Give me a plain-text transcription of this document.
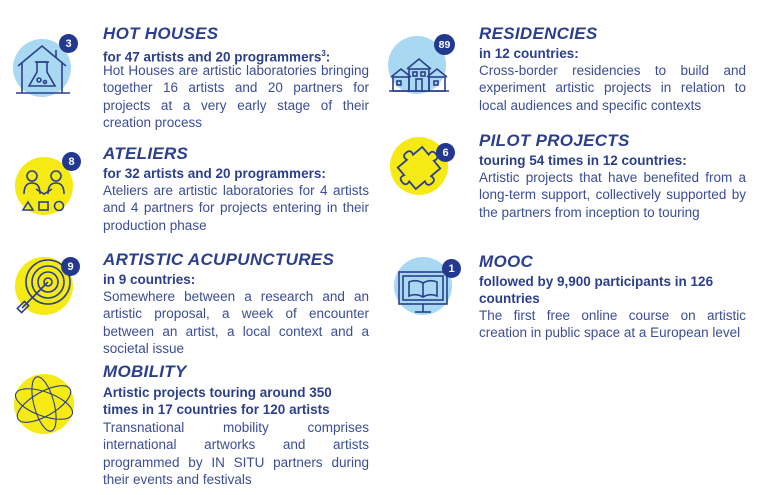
3
HOT HOUSES
for 47 artists and 20 programmers$^3$:
Hot Houses are artistic laboratories bringing together 16 artists and 20 partners for projects at a very early stage of their creation process
89
RESIDENCIES
in 12 countries:
Cross-border residencies to build and experiment artistic projects in relation to local audiences and specific contexts
8	ATELIERS
for 32 artists and 20 programmers:
Ateliers are artistic laboratories for 4 artists and 4 partners for projects entering in their production phase
6
PILOT PROJECTS
touring 54 times in 12 countries:
Artistic projects that have benefited from a long-term support, collectively supported by the partners from inception to touring
9	ARTISTIC ACUPUNCTURES
in 9 countries:
Somewhere between a research and an artistic proposal, a week of encounter between an artist, a local context and a societal issue
1	MOOC
followed by 9,900 participants in 126 countries
The first free online course on artistic creation in public space at a European level
MOBILITY
Artistic projects touring around 350 times in 17 countries for 120 artists
Transnational mobility comprises international artworks and artists programmed by IN SITU partners during their events and festivals
